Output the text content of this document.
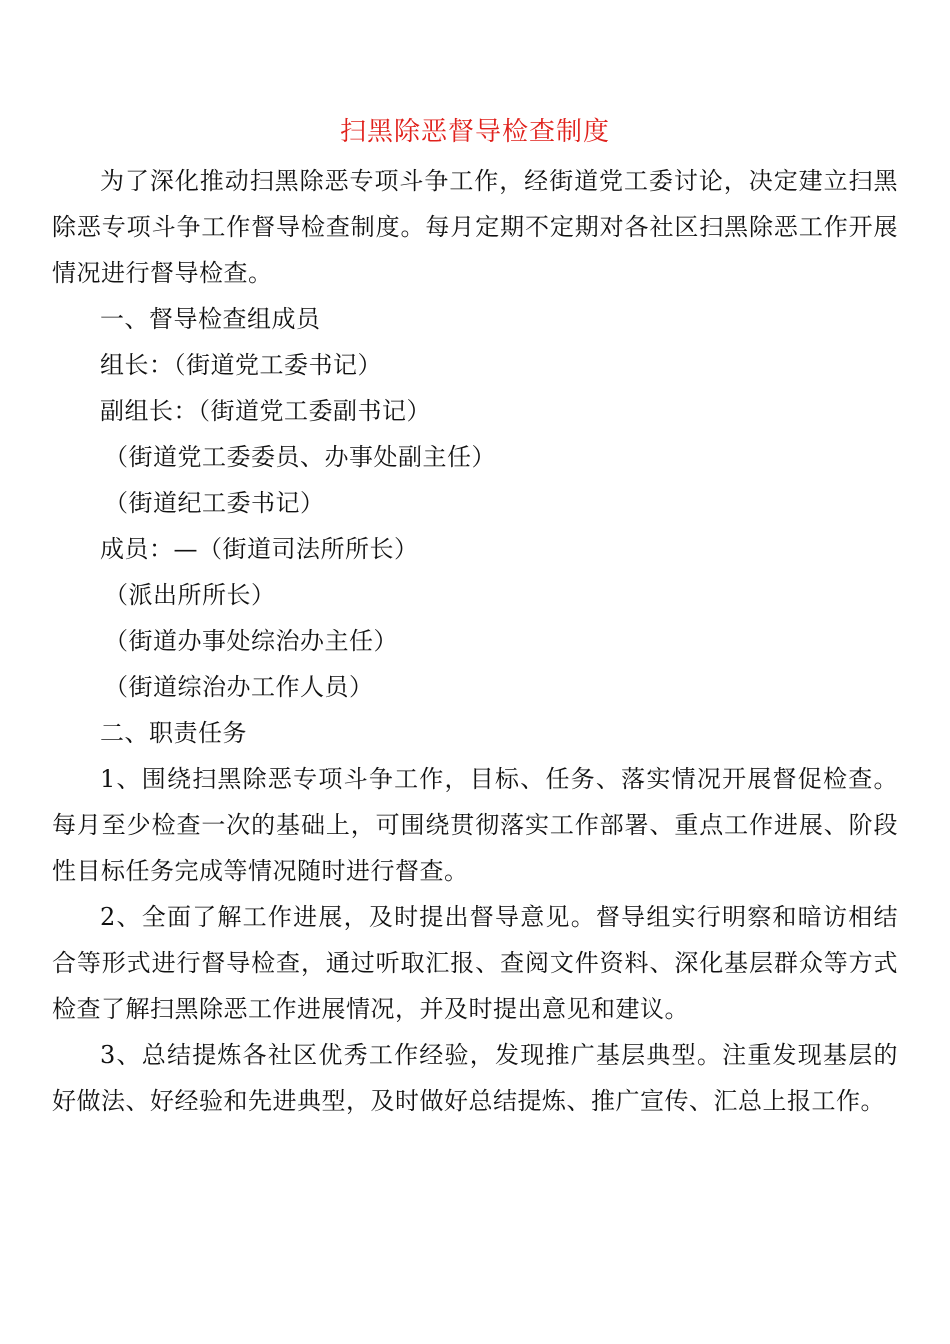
扫黑除恶督导检查制度

为了深化推动扫黑除恶专项斗争工作，经街道党工委讨论，决定建立扫黑除恶专项斗争工作督导检查制度。每月定期不定期对各社区扫黑除恶工作开展情况进行督导检查。

一、督导检查组成员

组长：（街道党工委书记）

副组长：（街道党工委副书记）

（街道党工委委员、办事处副主任）

（街道纪工委书记）

成员：—（街道司法所所长）

（派出所所长）

（街道办事处综治办主任）

（街道综治办工作人员）

二、职责任务

1、围绕扫黑除恶专项斗争工作，目标、任务、落实情况开展督促检查。每月至少检查一次的基础上，可围绕贯彻落实工作部署、重点工作进展、阶段性目标任务完成等情况随时进行督查。

2、全面了解工作进展，及时提出督导意见。督导组实行明察和暗访相结合等形式进行督导检查，通过听取汇报、查阅文件资料、深化基层群众等方式检查了解扫黑除恶工作进展情况，并及时提出意见和建议。

3、总结提炼各社区优秀工作经验，发现推广基层典型。注重发现基层的好做法、好经验和先进典型，及时做好总结提炼、推广宣传、汇总上报工作。
